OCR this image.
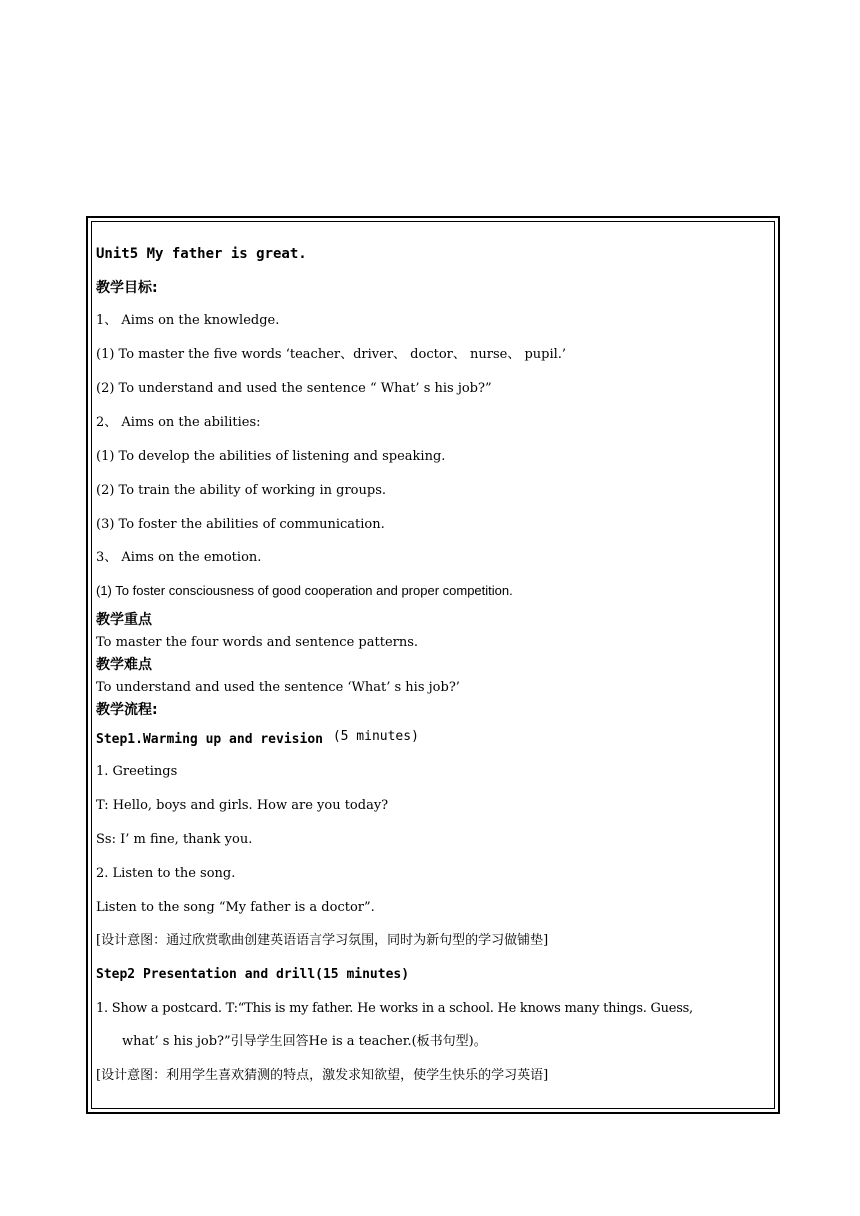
Unit5 My father is great.
教学目标:
1、 Aims on the knowledge.
(1) To master the five words ‘teacher、driver、 doctor、 nurse、 pupil.’
(2) To understand and used the sentence “ What’ s his job?”
2、 Aims on the abilities:
(1) To develop the abilities of listening and speaking.
(2) To train the ability of working in groups.
(3) To foster the abilities of communication.
3、 Aims on the emotion.
(1) To foster consciousness of good cooperation and proper competition.
教学重点
To master the four words and sentence patterns.
教学难点
To understand and used the sentence ‘What’ s his job?’
教学流程:
Step1.Warming up and revision (5 minutes)
1. Greetings
T: Hello, boys and girls. How are you today?
Ss: I’ m fine, thank you.
2. Listen to the song.
Listen to the song “My father is a doctor”.
[设计意图：通过欣赏歌曲创建英语语言学习氛围，同时为新句型的学习做铺垫]
Step2 Presentation and drill(15 minutes)
1. Show a postcard. T:“This is my father. He works in a school. He knows many things. Guess,
what’ s his job?”引导学生回答He is a teacher.(板书句型)。
[设计意图：利用学生喜欢猜测的特点，激发求知欲望，使学生快乐的学习英语]
